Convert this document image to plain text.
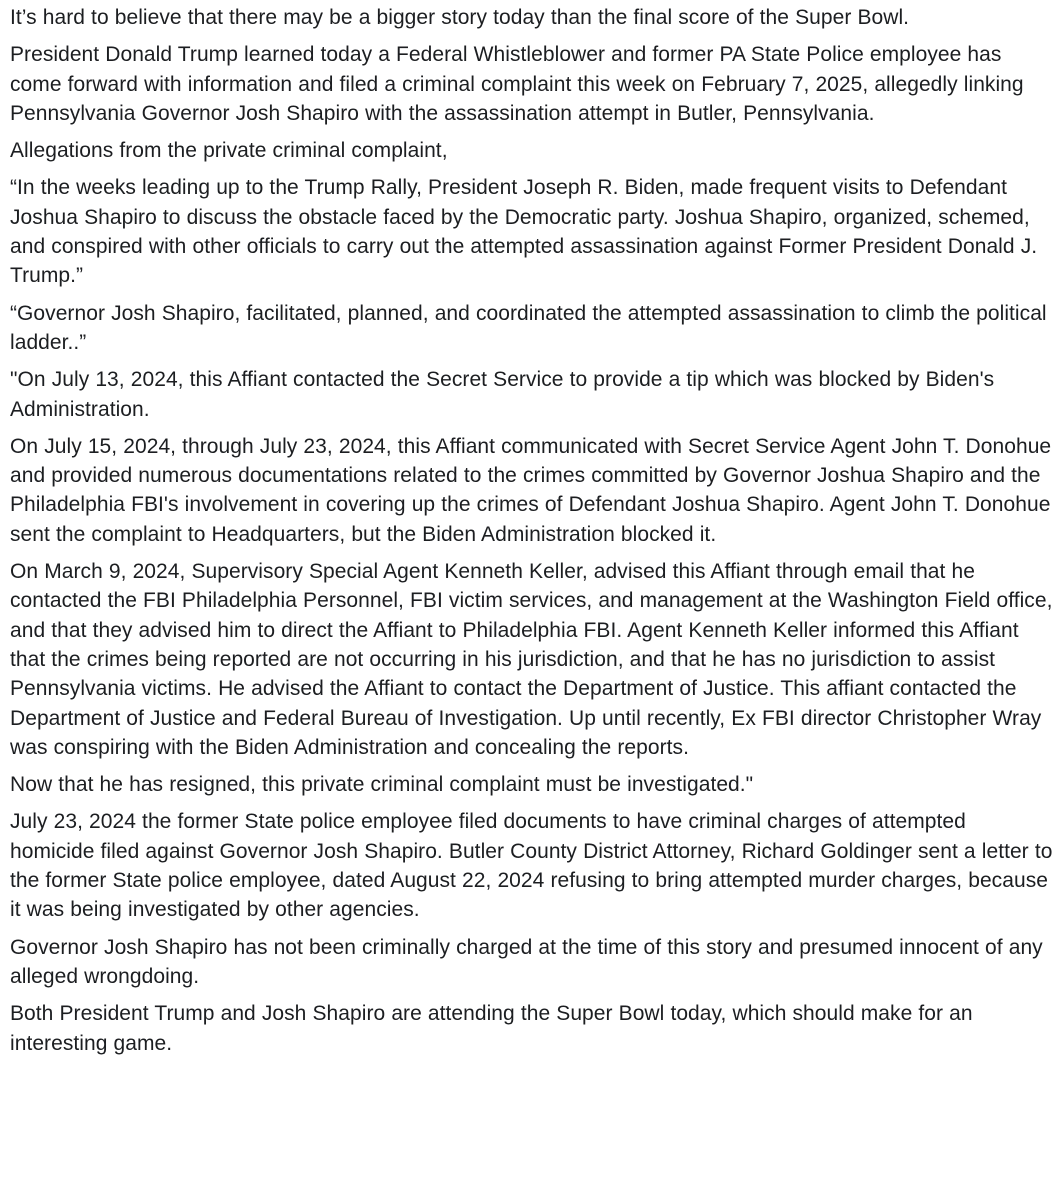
It’s hard to believe that there may be a bigger story today than the final score of the Super Bowl.

President Donald Trump learned today a Federal Whistleblower and former PA State Police employee has come forward with information and filed a criminal complaint this week on February 7, 2025, allegedly linking Pennsylvania Governor Josh Shapiro with the assassination attempt in Butler, Pennsylvania.

Allegations from the private criminal complaint,

“In the weeks leading up to the Trump Rally, President Joseph R. Biden, made frequent visits to Defendant Joshua Shapiro to discuss the obstacle faced by the Democratic party. Joshua Shapiro, organized, schemed, and conspired with other officials to carry out the attempted assassination against Former President Donald J. Trump.”

“Governor Josh Shapiro, facilitated, planned, and coordinated the attempted assassination to climb the political ladder..”

"On July 13, 2024, this Affiant contacted the Secret Service to provide a tip which was blocked by Biden's Administration.

On July 15, 2024, through July 23, 2024, this Affiant communicated with Secret Service Agent John T. Donohue and provided numerous documentations related to the crimes committed by Governor Joshua Shapiro and the Philadelphia FBI's involvement in covering up the crimes of Defendant Joshua Shapiro. Agent John T. Donohue sent the complaint to Headquarters, but the Biden Administration blocked it.

On March 9, 2024, Supervisory Special Agent Kenneth Keller, advised this Affiant through email that he contacted the FBI Philadelphia Personnel, FBI victim services, and management at the Washington Field office, and that they advised him to direct the Affiant to Philadelphia FBI. Agent Kenneth Keller informed this Affiant that the crimes being reported are not occurring in his jurisdiction, and that he has no jurisdiction to assist Pennsylvania victims. He advised the Affiant to contact the Department of Justice. This affiant contacted the Department of Justice and Federal Bureau of Investigation. Up until recently, Ex FBI director Christopher Wray was conspiring with the Biden Administration and concealing the reports.

Now that he has resigned, this private criminal complaint must be investigated."

July 23, 2024 the former State police employee filed documents to have criminal charges of attempted homicide filed against Governor Josh Shapiro. Butler County District Attorney, Richard Goldinger sent a letter to the former State police employee, dated August 22, 2024 refusing to bring attempted murder charges, because it was being investigated by other agencies.

Governor Josh Shapiro has not been criminally charged at the time of this story and presumed innocent of any alleged wrongdoing.

Both President Trump and Josh Shapiro are attending the Super Bowl today, which should make for an interesting game.
